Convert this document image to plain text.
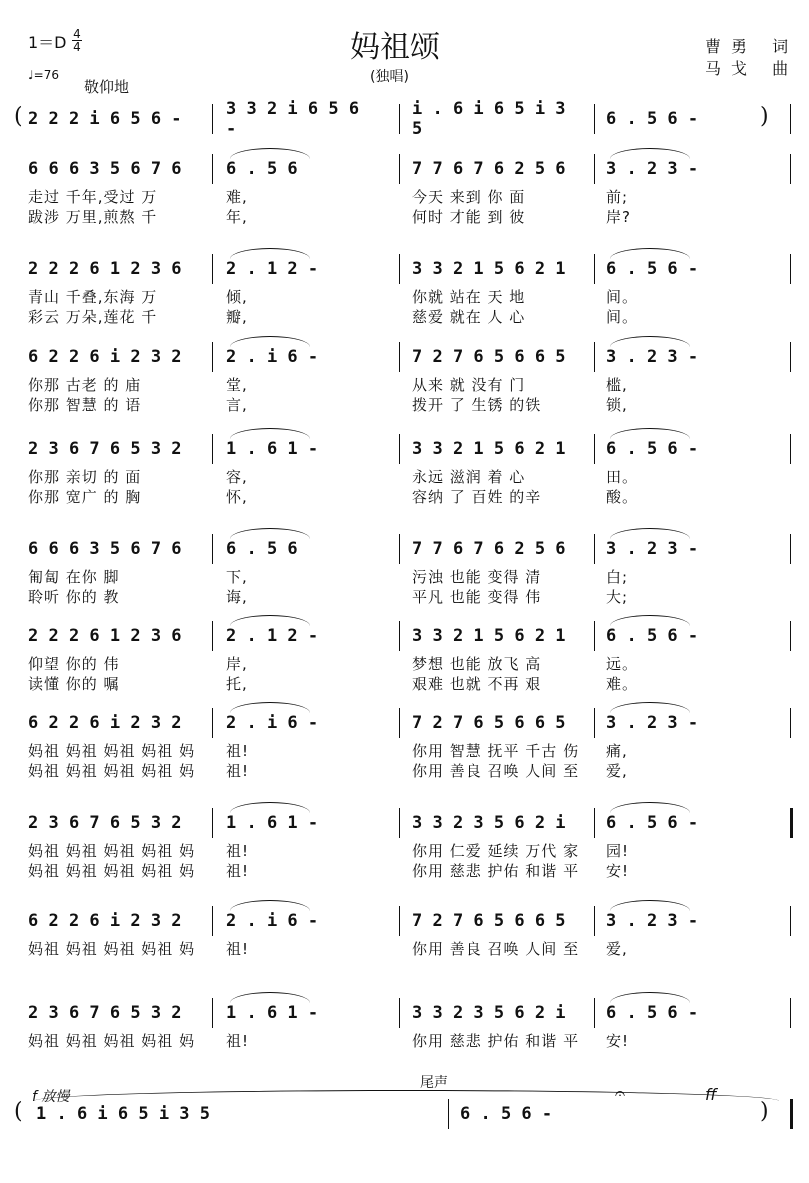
妈祖颂
(独唱)
曹勇 词
马戈 曲
1＝D 4
4
♩=76
敬仰地
2 2 2 i 6 5 6 -	3 3 2 i 6 5 6 -
i . 6 i 6 5 i 3 5	6 . 5 6 -
(	)
6 6 6 3 5 6 7 6
走过 千年,受过 万
跋涉 万里,煎熬 千
6 . 5 6
难,
年,
7 7 6 7 6 2 5 6
今天 来到 你 面
何时 才能 到 彼
3 . 2 3 -
前;
岸?
2 2 2 6 1 2 3 6
青山 千叠,东海 万
彩云 万朵,莲花 千
2 . 1 2 -
倾,
瓣,
3 3 2 1 5 6 2 1
你就 站在 天 地
慈爱 就在 人 心
6 . 5 6 -
间。
间。
6 2 2 6 i 2 3 2
你那 古老 的 庙
你那 智慧 的 语
2 . i 6 -
堂,
言,
7 2 7 6 5 6 6 5
从来 就 没有 门
拨开 了 生锈 的铁
3 . 2 3 -
槛,
锁,
2 3 6 7 6 5 3 2
你那 亲切 的 面
你那 宽广 的 胸
1 . 6 1 -
容,
怀,
3 3 2 1 5 6 2 1
永远 滋润 着 心
容纳 了 百姓 的辛
6 . 5 6 -
田。
酸。
6 6 6 3 5 6 7 6
匍匐 在你 脚
聆听 你的 教
6 . 5 6
下,
诲,
7 7 6 7 6 2 5 6
污浊 也能 变得 清
平凡 也能 变得 伟
3 . 2 3 -
白;
大;
2 2 2 6 1 2 3 6
仰望 你的 伟
读懂 你的 嘱
2 . 1 2 -
岸,
托,
3 3 2 1 5 6 2 1
梦想 也能 放飞 高
艰难 也就 不再 艰
6 . 5 6 -
远。
难。
6 2 2 6 i 2 3 2
妈祖 妈祖 妈祖 妈祖 妈
妈祖 妈祖 妈祖 妈祖 妈
2 . i 6 -
祖!
祖!
7 2 7 6 5 6 6 5
你用 智慧 抚平 千古 伤
你用 善良 召唤 人间 至
3 . 2 3 -
痛,
爱,
2 3 6 7 6 5 3 2
妈祖 妈祖 妈祖 妈祖 妈
妈祖 妈祖 妈祖 妈祖 妈
1 . 6 1 -
祖!
祖!
3 3 2 3 5 6 2 i
你用 仁爱 延续 万代 家
你用 慈悲 护佑 和谐 平
6 . 5 6 -
园!
安!
6 2 2 6 i 2 3 2
妈祖 妈祖 妈祖 妈祖 妈
2 . i 6 -
祖!
7 2 7 6 5 6 6 5
你用 善良 召唤 人间 至
3 . 2 3 -
爱,
2 3 6 7 6 5 3 2
妈祖 妈祖 妈祖 妈祖 妈
1 . 6 1 -
祖!
3 3 2 3 5 6 2 i
你用 慈悲 护佑 和谐 平
6 . 5 6 -
安!
1 . 6 i 6 5 i 3 5	6 . 5 6 -
(	)
f 放慢
尾声	𝄐	ff
